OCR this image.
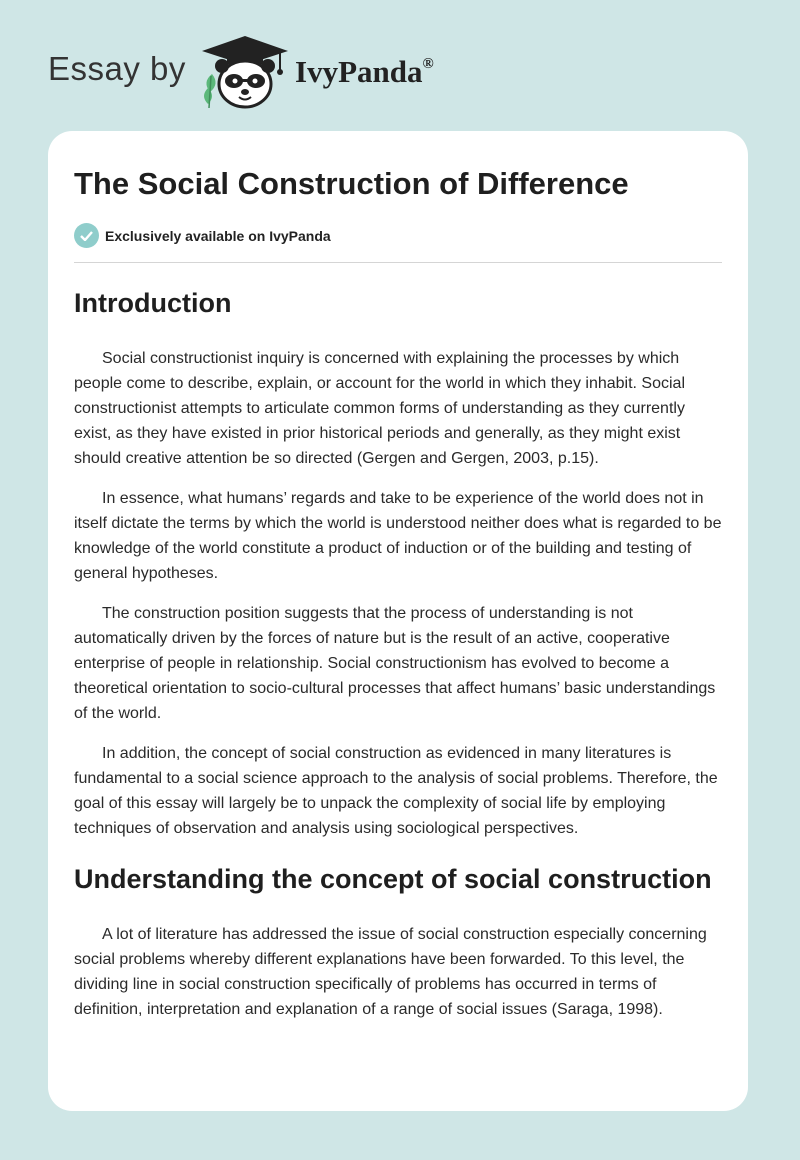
Essay by	IvyPanda®
The Social Construction of Difference
Exclusively available on IvyPanda
Introduction

Social constructionist inquiry is concerned with explaining the processes by which people come to describe, explain, or account for the world in which they inhabit. Social constructionist attempts to articulate common forms of understanding as they currently exist, as they have existed in prior historical periods and generally, as they might exist should creative attention be so directed (Gergen and Gergen, 2003, p.15).

In essence, what humans’ regards and take to be experience of the world does not in itself dictate the terms by which the world is understood neither does what is regarded to be knowledge of the world constitute a product of induction or of the building and testing of general hypotheses.

The construction position suggests that the process of understanding is not automatically driven by the forces of nature but is the result of an active, cooperative enterprise of people in relationship. Social constructionism has evolved to become a theoretical orientation to socio-cultural processes that affect humans’ basic understandings of the world.

In addition, the concept of social construction as evidenced in many literatures is fundamental to a social science approach to the analysis of social problems. Therefore, the goal of this essay will largely be to unpack the complexity of social life by employing techniques of observation and analysis using sociological perspectives.

Understanding the concept of social construction

A lot of literature has addressed the issue of social construction especially concerning social problems whereby different explanations have been forwarded. To this level, the dividing line in social construction specifically of problems has occurred in terms of definition, interpretation and explanation of a range of social issues (Saraga, 1998).
